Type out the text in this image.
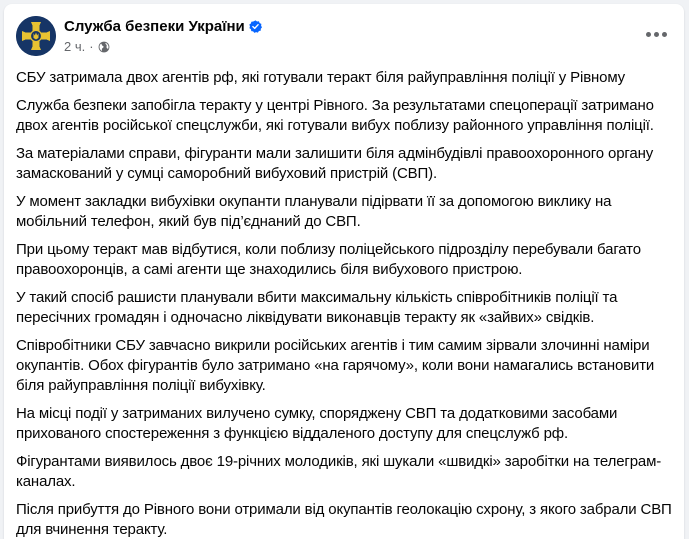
Служба безпеки України
2 ч. ·

СБУ затримала двох агентів рф, які готували теракт біля райуправління поліції у Рівному

Служба безпеки запобігла теракту у центрі Рівного. За результатами спецоперації затримано двох агентів російської спецслужби, які готували вибух поблизу районного управління поліції.

За матеріалами справи, фігуранти мали залишити біля адмінбудівлі правоохоронного органу замаскований у сумці саморобний вибуховий пристрій (СВП).

У момент закладки вибухівки окупанти планували підірвати її за допомогою виклику на мобільний телефон, який був під’єднаний до СВП.

При цьому теракт мав відбутися, коли поблизу поліцейського підрозділу перебували багато правоохоронців, а самі агенти ще знаходились біля вибухового пристрою.

У такий спосіб рашисти планували вбити максимальну кількість співробітників поліції та пересічних громадян і одночасно ліквідувати виконавців теракту як «зайвих» свідків.

Співробітники СБУ завчасно викрили російських агентів і тим самим зірвали злочинні наміри окупантів. Обох фігурантів було затримано «на гарячому», коли вони намагались встановити біля райуправління поліції вибухівку.

На місці події у затриманих вилучено сумку, споряджену СВП та додатковими засобами прихованого спостереження з функцією віддаленого доступу для спецслужб рф.

Фігурантами виявилось двоє 19-річних молодиків, які шукали «швидкі» заробітки на телеграм-каналах.

Після прибуття до Рівного вони отримали від окупантів геолокацію схрону, з якого забрали СВП для вчинення теракту.
